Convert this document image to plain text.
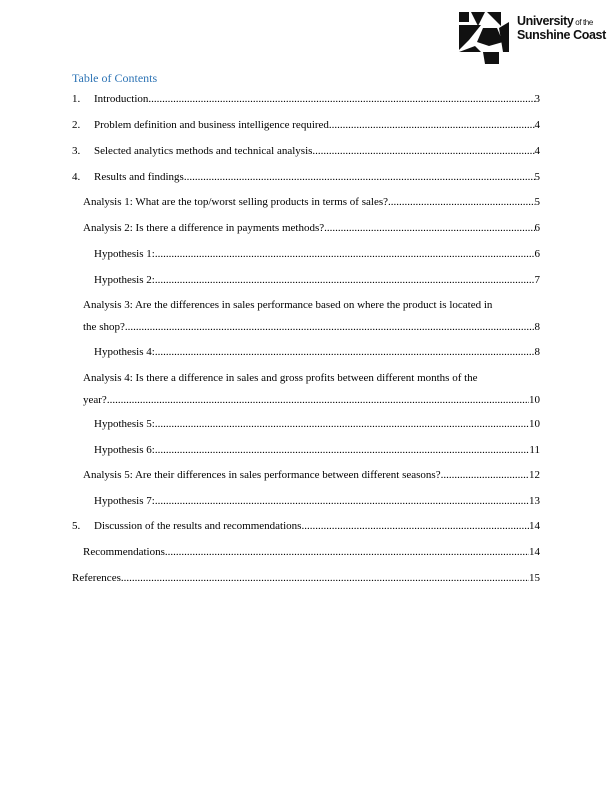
University of the
Sunshine Coast
Table of Contents
1.	Introduction .....	3
2.	Problem definition and business intelligence required .....	4
3.	Selected analytics methods and technical analysis. .....	4
4.	Results and findings .....	5
Analysis 1: What are the top/worst selling products in terms of sales? .....	5
Analysis 2: Is there a difference in payments methods? .....	6
Hypothesis 1: .....	6
Hypothesis 2: .....	7
Analysis 3: Are the differences in sales performance based on where the product is located in
the shop? .....	8
Hypothesis 4: .....	8
Analysis 4: Is there a difference in sales and gross profits between different months of the
year? .....	10
Hypothesis 5: .....	10
Hypothesis 6: .....	11
Analysis 5: Are their differences in sales performance between different seasons? .....	12
Hypothesis 7: .....	13
5.	Discussion of the results and recommendations .....	14
Recommendations .....	14
References .....	15
